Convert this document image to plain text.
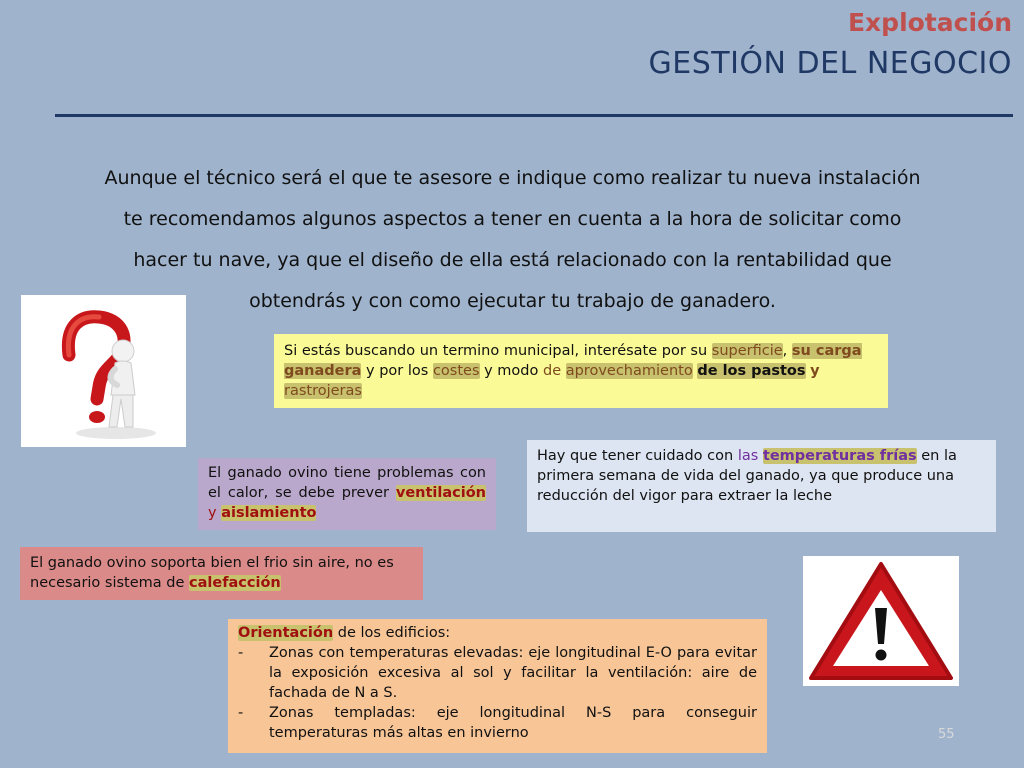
Explotación
GESTIÓN DEL NEGOCIO
Aunque el técnico será el que te asesore e indique como realizar tu nueva instalación
te recomendamos algunos aspectos a tener en cuenta a la hora de solicitar como
hacer tu nave, ya que el diseño de ella está relacionado con la rentabilidad que
obtendrás y con como ejecutar tu trabajo de ganadero.
Si estás buscando un termino municipal, interésate por su superficie, su carga ganadera y por los costes y modo de aprovechamiento de los pastos y rastrojeras
Hay que tener cuidado con las temperaturas frías en la primera semana de vida del ganado, ya que produce una reducción del vigor para extraer la leche
El ganado ovino tiene problemas con el calor, se debe prever ventilación y aislamiento
El ganado ovino soporta bien el frio sin aire, no es necesario sistema de calefacción
Orientación de los edificios:
-	Zonas con temperaturas elevadas: eje longitudinal E-O para evitar la exposición excesiva al sol y facilitar la ventilación: aire de fachada de N a S.
-	Zonas templadas: eje longitudinal N-S para conseguir temperaturas más altas en invierno	55
